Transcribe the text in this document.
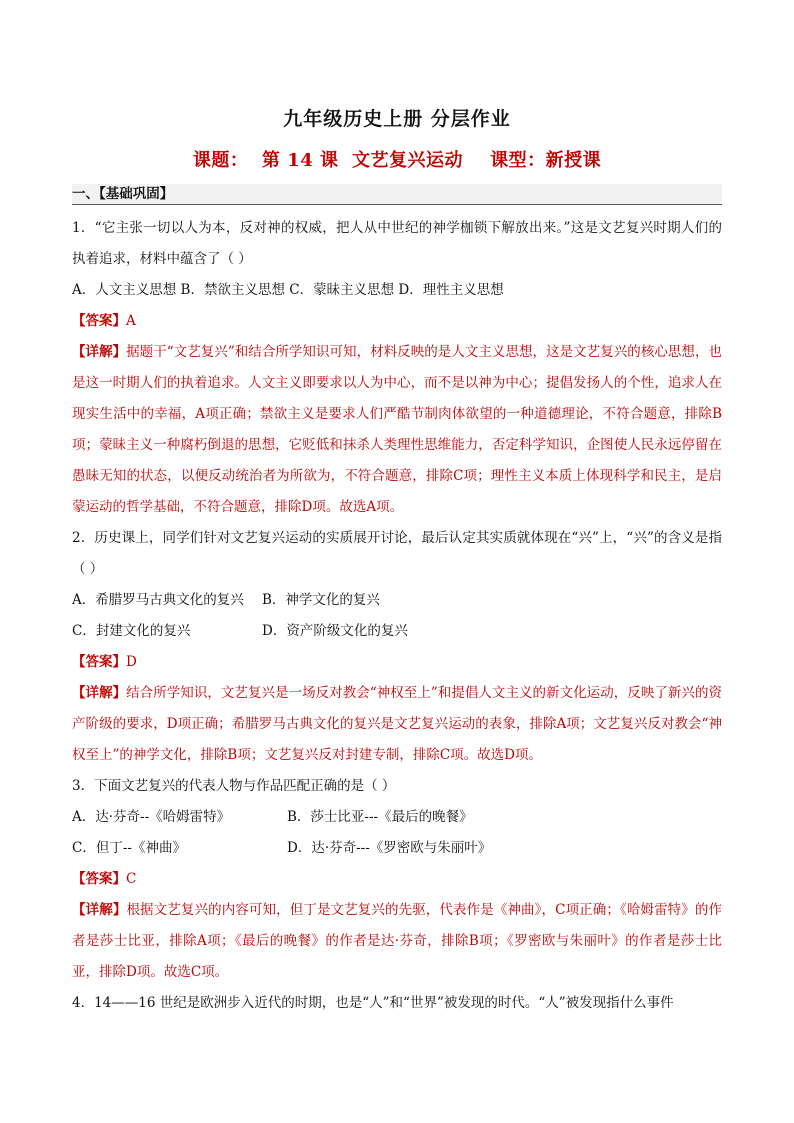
九年级历史上册 分层作业
课题：  第 14 课  文艺复兴运动    课型：新授课
一、【基础巩固】

1．“它主张一切以人为本，反对神的权威，把人从中世纪的神学枷锁下解放出来。”这是文艺复兴时期人们的执着追求，材料中蕴含了（ ）

A．人文主义思想 B．禁欲主义思想 C．蒙昧主义思想 D．理性主义思想

【答案】A

【详解】据题干“文艺复兴”和结合所学知识可知，材料反映的是人文主义思想，这是文艺复兴的核心思想，也是这一时期人们的执着追求。人文主义即要求以人为中心，而不是以神为中心；提倡发扬人的个性，追求人在现实生活中的幸福，A项正确；禁欲主义是要求人们严酷节制肉体欲望的一种道德理论，不符合题意，排除B项；蒙昧主义一种腐朽倒退的思想，它贬低和抹杀人类理性思维能力，否定科学知识，企图使人民永远停留在愚昧无知的状态，以便反动统治者为所欲为，不符合题意，排除C项；理性主义本质上体现科学和民主，是启蒙运动的哲学基础，不符合题意，排除D项。故选A项。

2．历史课上，同学们针对文艺复兴运动的实质展开讨论，最后认定其实质就体现在“兴”上，“兴”的含义是指（ ）

A．希腊罗马古典文化的复兴	B．神学文化的复兴

C．封建文化的复兴	D．资产阶级文化的复兴

【答案】D

【详解】结合所学知识，文艺复兴是一场反对教会“神权至上”和提倡人文主义的新文化运动，反映了新兴的资产阶级的要求，D项正确；希腊罗马古典文化的复兴是文艺复兴运动的表象，排除A项；文艺复兴反对教会“神权至上”的神学文化，排除B项；文艺复兴反对封建专制，排除C项。故选D项。

3．下面文艺复兴的代表人物与作品匹配正确的是（ ）

A．达·芬奇--《哈姆雷特》	B．莎士比亚---《最后的晚餐》

C．但丁--《神曲》	D．达·芬奇---《罗密欧与朱丽叶》

【答案】C

【详解】根据文艺复兴的内容可知，但丁是文艺复兴的先驱，代表作是《神曲》，C项正确；《哈姆雷特》的作者是莎士比亚，排除A项；《最后的晚餐》的作者是达·芬奇，排除B项；《罗密欧与朱丽叶》的作者是莎士比亚，排除D项。故选C项。

4．14——16 世纪是欧洲步入近代的时期，也是“人”和“世界”被发现的时代。“人”被发现指什么事件
